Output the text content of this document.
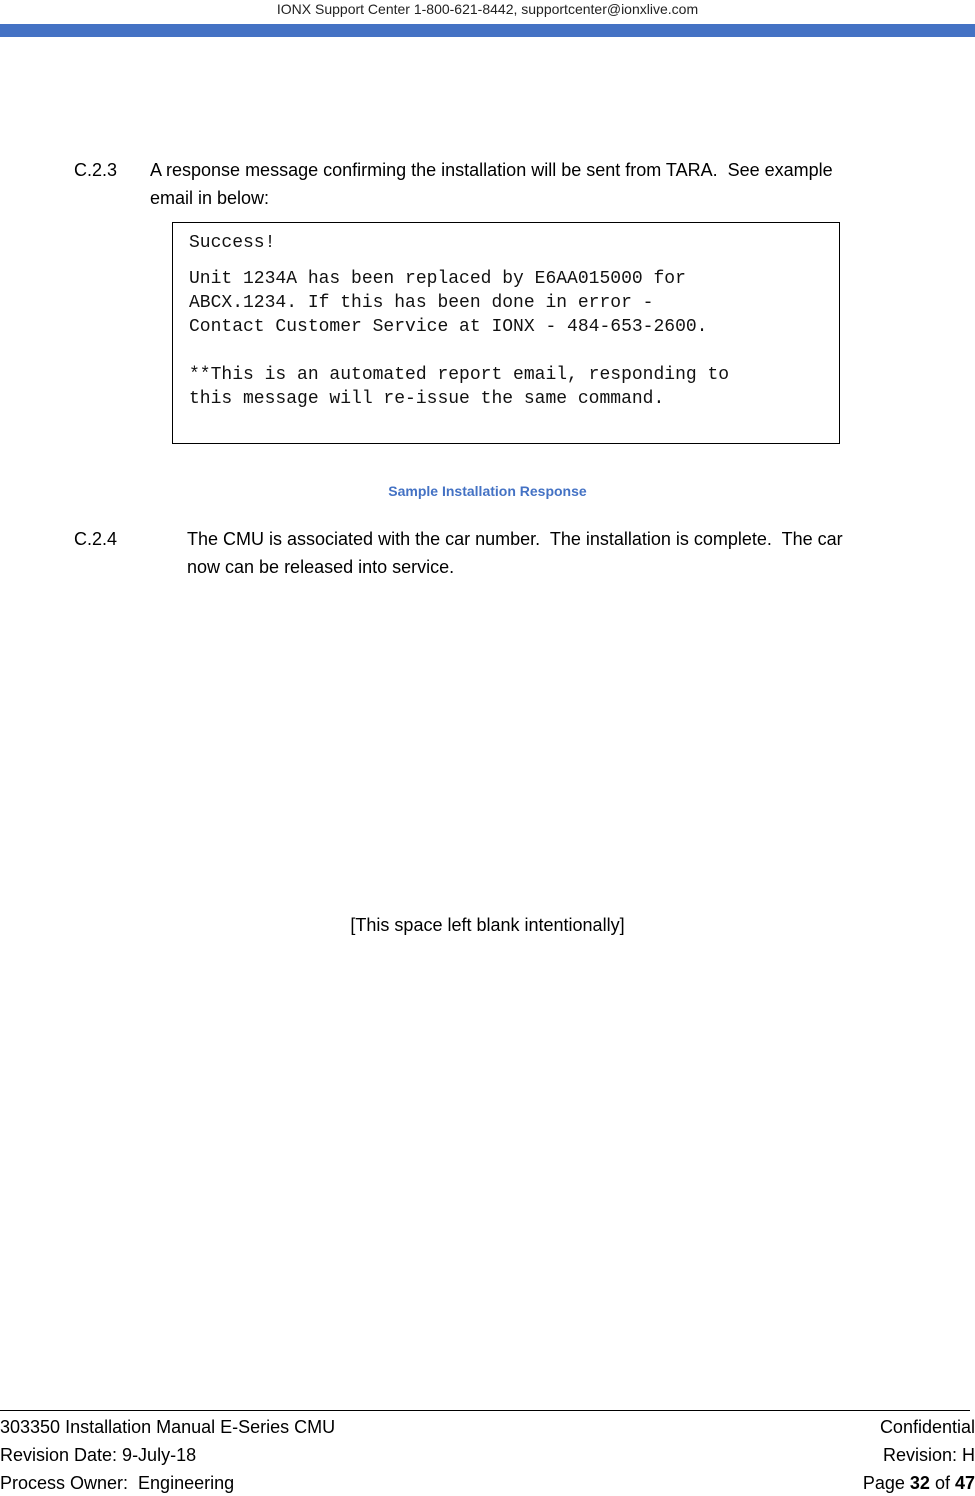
IONX Support Center 1-800-621-8442, supportcenter@ionxlive.com
C.2.3 A response message confirming the installation will be sent from TARA.  See example
email in below:

Success!

Unit 1234A has been replaced by E6AA015000 for

ABCX.1234. If this has been done in error -

Contact Customer Service at IONX - 484-653-2600.

**This is an automated report email, responding to

this message will re-issue the same command.

Sample Installation Response
C.2.4	The CMU is associated with the car number.  The installation is complete.  The car
now can be released into service.
[This space left blank intentionally]
303350 Installation Manual E-Series CMU	Confidential
Revision Date: 9-July-18	Revision: H
Process Owner:  Engineering	Page 32 of 47
